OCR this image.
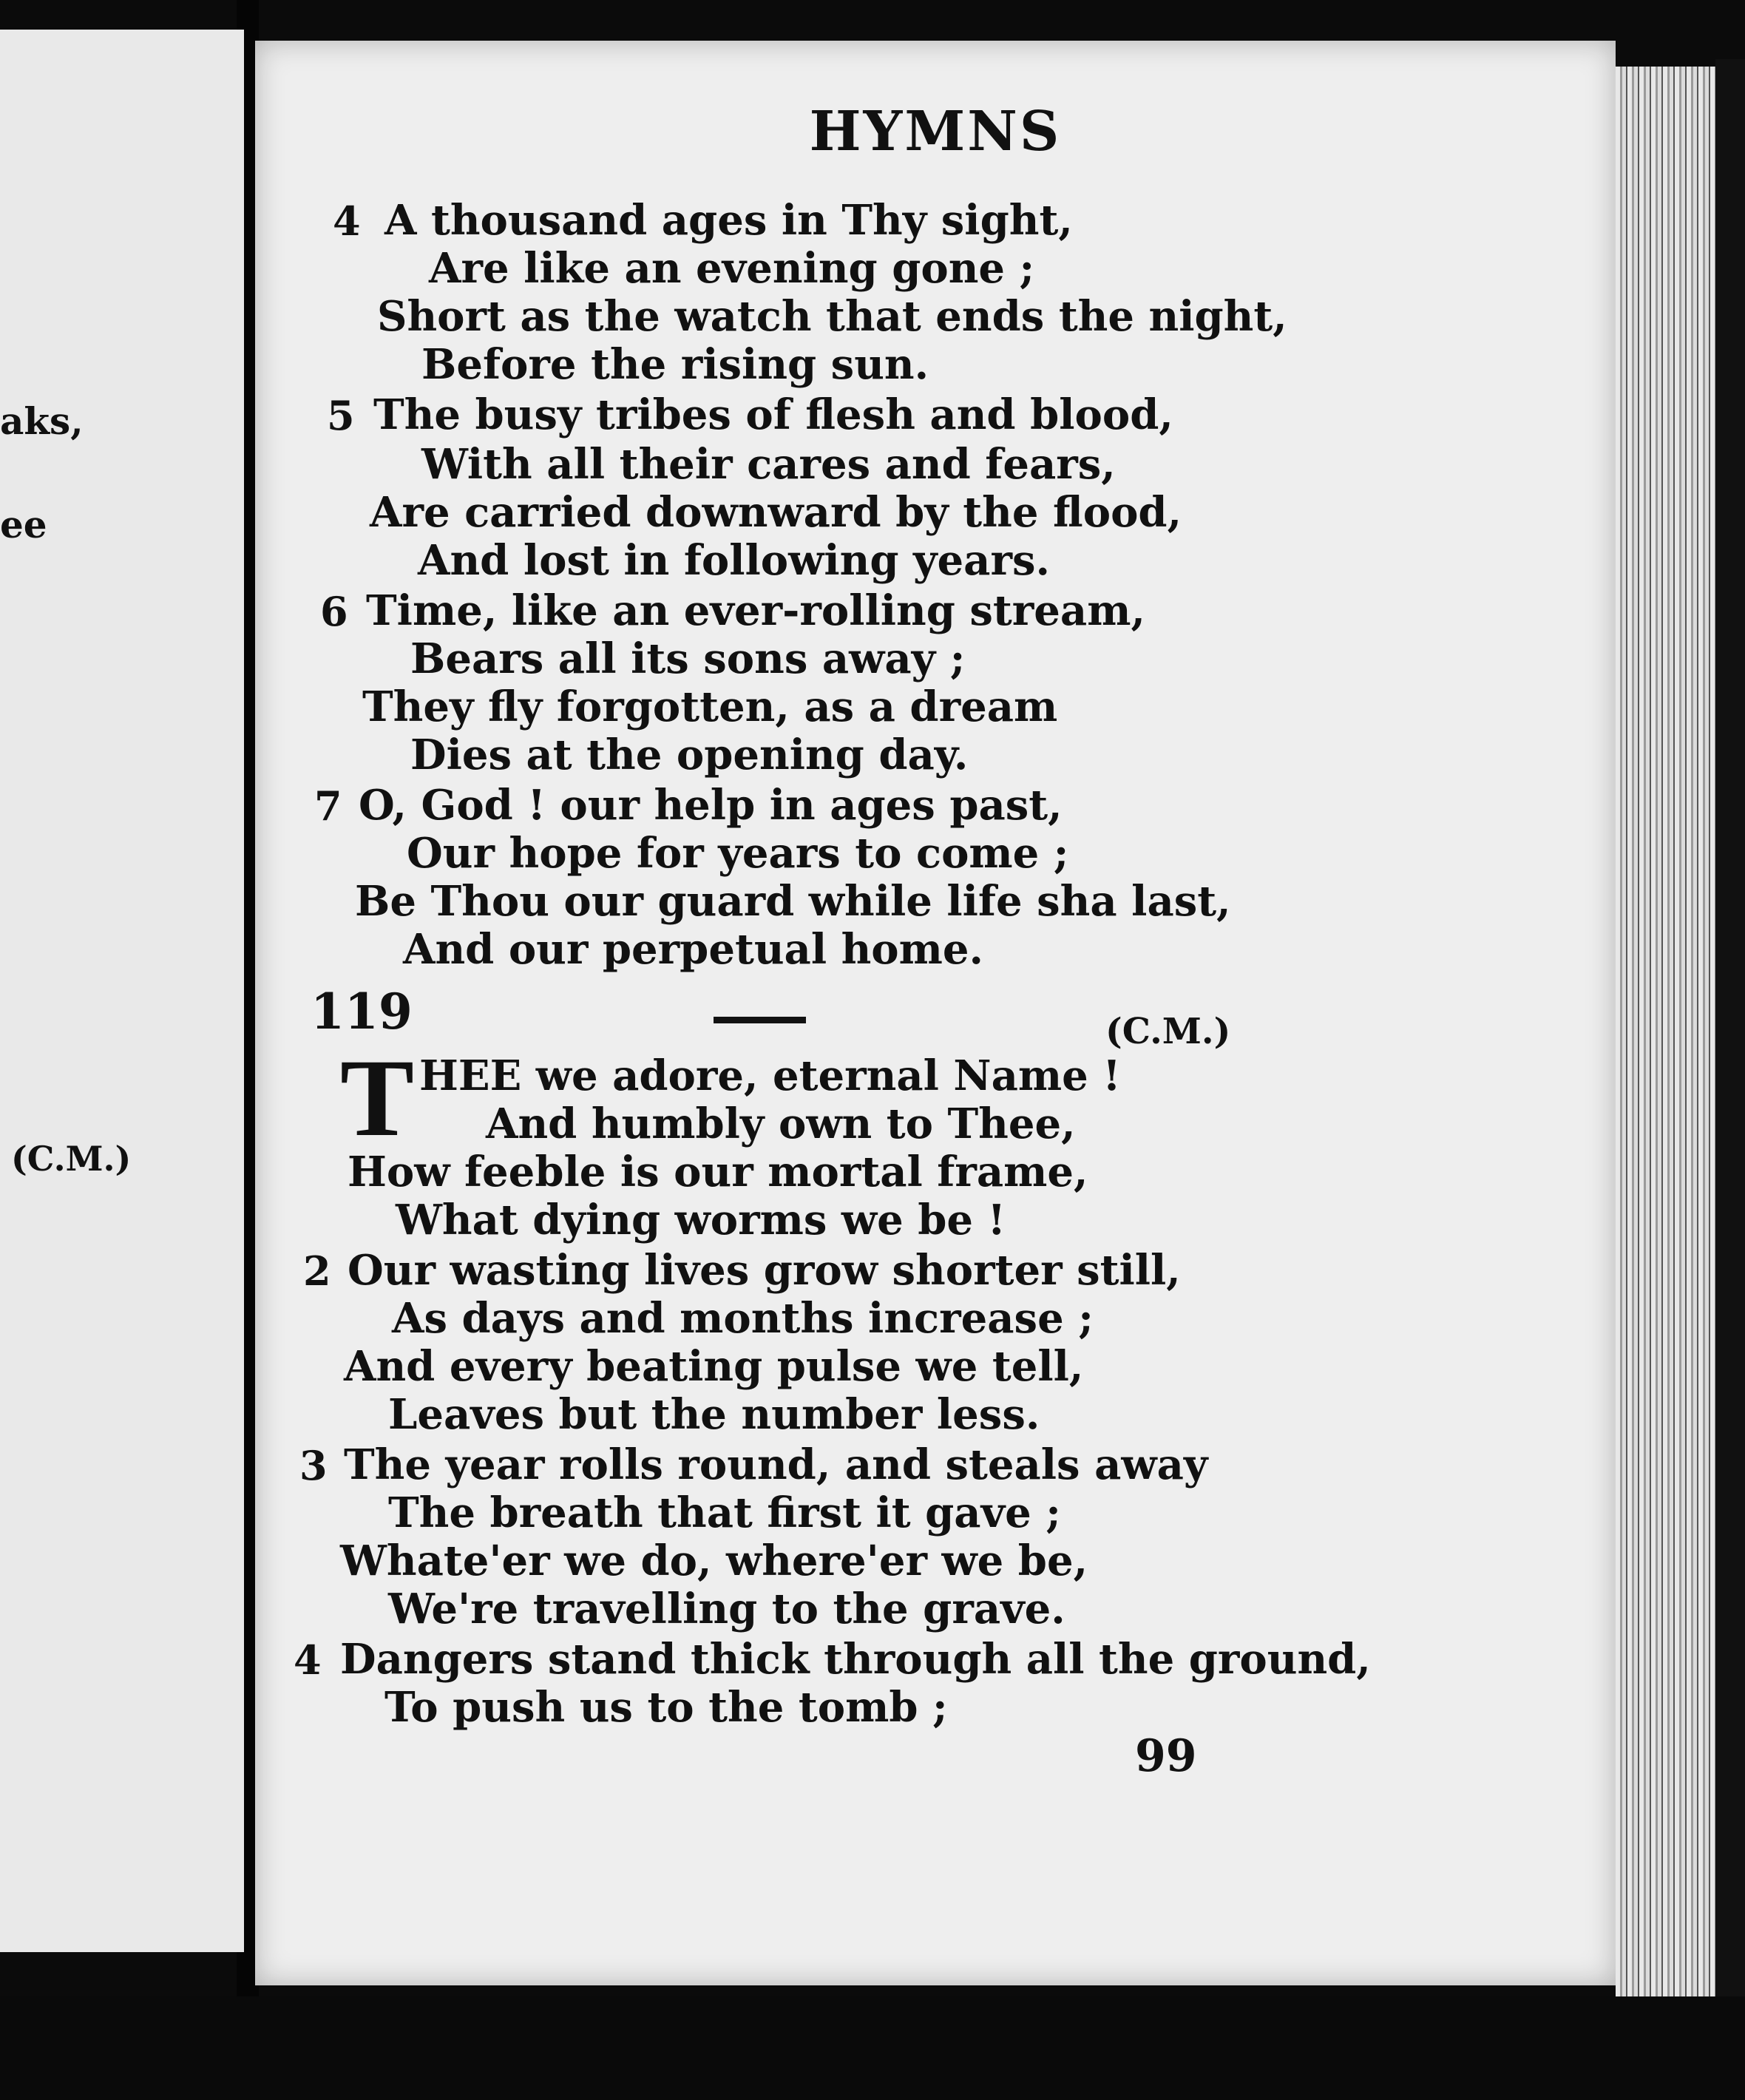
aks,
ee
(C.M.)
HYMNS
4 A thousand ages in Thy sight,
Are like an evening gone ;
Short as the watch that ends the night,
Before the rising sun.
5 The busy tribes of flesh and blood,
With all their cares and fears,
Are carried downward by the flood,
And lost in following years.
6 Time, like an ever-rolling stream,
Bears all its sons away ;
They fly forgotten, as a dream
Dies at the opening day.
7 O, God ! our help in ages past,
Our hope for years to come ;
Be Thou our guard while life sha last,
And our perpetual home.
119	(C.M.)
T HEE we adore, eternal Name !
And humbly own to Thee,
How feeble is our mortal frame,
What dying worms we be !
2 Our wasting lives grow shorter still,
As days and months increase ;
And every beating pulse we tell,
Leaves but the number less.
3 The year rolls round, and steals away
The breath that first it gave ;
Whate'er we do, where'er we be,
We're travelling to the grave.
4 Dangers stand thick through all the ground,
To push us to the tomb ;
99
